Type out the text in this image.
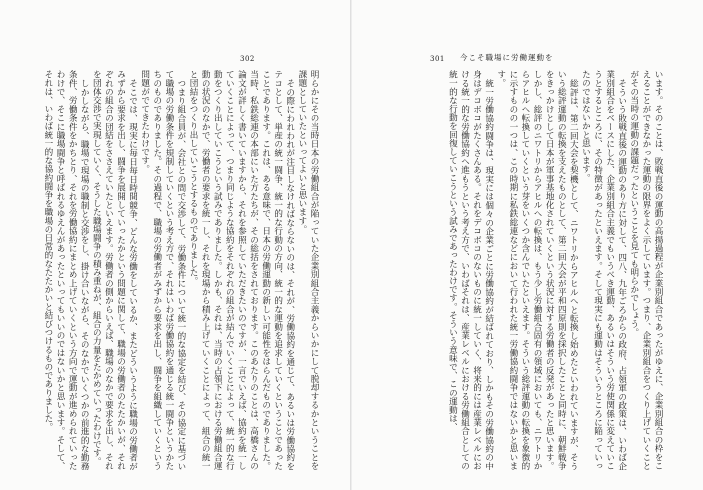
302

明らかにその当時日本の労働組合が陥っていた企業別組合主義からいかにして脱却するかということを課題としていたといってよいと思います。

その際にわれわれが注目しなければならないのは、それが、労働協約を通じて、あるいは労働協約をテコとして、単産の統一闘争、統一的な行動の方向、統一的な運動を追求していくということであったことであります。これは、ある意味で、日本の労働運動の新しい可能性をはらんだものでありました。当時、私鉄総連の本部にいた方たちが、その総括をされております。このあたりのことは、高橋さんの論文が詳しく書いていますから、それを参照していただきたいのですが、一言でいえば、協約を統一していくことによって、つまり同じような協約をそれぞれの組合が結んでいくことによって、統一的な行動をつくり出していこうという試みでありました。しかも、それは、当時の占領下における労働組合運動の状況のなかで、労働者の要求を統一し、それを現場から積み上げていくことによって、組合の統一と団結をつくり出していこうとするものでありました。

つまり組合員が、会社との間で交渉して、労働条件について統一的な協定を結び、その協定に基づいて職場の労働条件を規制していくという考え方で、それはいわば労働協約を通じる統一闘争というかたちのものでありました。その過程で、職場の労働者がみずから要求を出し、闘争を組織していくという問題がでてきたわけです。

そこでは、現実に毎日毎日時間競争、どんな労働をしているか、またどういうように職場の労働者がみずから要求を出し、闘争を展開していったかという問題に関して、職場の労働者のたたかいが、それぞれの組合の団結をささえていたといえます。労働者の側からいえば、職場のなかで要求を出し、それを団体交渉で実現していく、そうした職場闘争の積み重ねが、組合の力量をたかめていったわけです。

しかしながら、職場で現場の職制と交渉をし、掛け合いながら、そのなかでいくつかの前進的な勤務条件、労働条件をかちとり、それを労働協約にまとめ上げていくという方向で運動が進められていったわけで、そこに職場闘争と呼ばれるゆえんがあったといってもいいのではないかと思います。そして、それは、いわば統一的な協約闘争を職場の日常的なたたかいと結びつけるものでありました。

301 今こそ職場に労働運動を

います。そのことは、敗戦直後の運動の高揚過程が企業別組合であったがゆえに、企業別組合の枠をこえることができなかった運動の限界をよく示しています。つまり、企業別組合をつくり上げていくことがその当時の運動の課題だったということを見ても明らかでしょう。

そういう敗戦直後の運動のあり方に対して、四八、九年ごろからの政府、占領軍の政策は、いわば企業別組合をベースにした、企業別組合主義でもいうべき運動、あるいはそういう労使関係に変えていこうとするところに、その特徴があったといえます。そして現実にも運動はそういうところに陥っていったのではないかと思います。

総評は、第二回大会を契機として、ニワトリからアヒルへと転換し始めたといわれていますが、そういう総評運動の転換を支えたものとして、第二回大会が平和四原則を採択したことと同時に、朝鮮戦争をきっかけとして日本が軍事基地化されていくという状況に対する労働者の反発があったと思います。しかし、総評のニワトリからアヒルへの転換は、もう少し労働組合固有の領域においても、ニワトリからアヒルへ転換していくという芽をいくつか含んでいたといえます。そういう総評運動の転換を象徴的に示すものの一つは、この時期に私鉄総連などにおいて行われた統一労働協約闘争ではないかと思います。

統一労働協約闘争は、現実には個々の企業ごとに労働協約が結ばれており、しかもその労働協約の中身はデコボコがたくさんある。それをデコボコのないものに統一していく、将来的には産業レベルにおける統一的な労働協約へ進もうという考え方で、いわばそれは、産業レベルにおける労働組合としての統一的な行動を回復していこうという試みであったわけです。そういう意味で、この運動は、
